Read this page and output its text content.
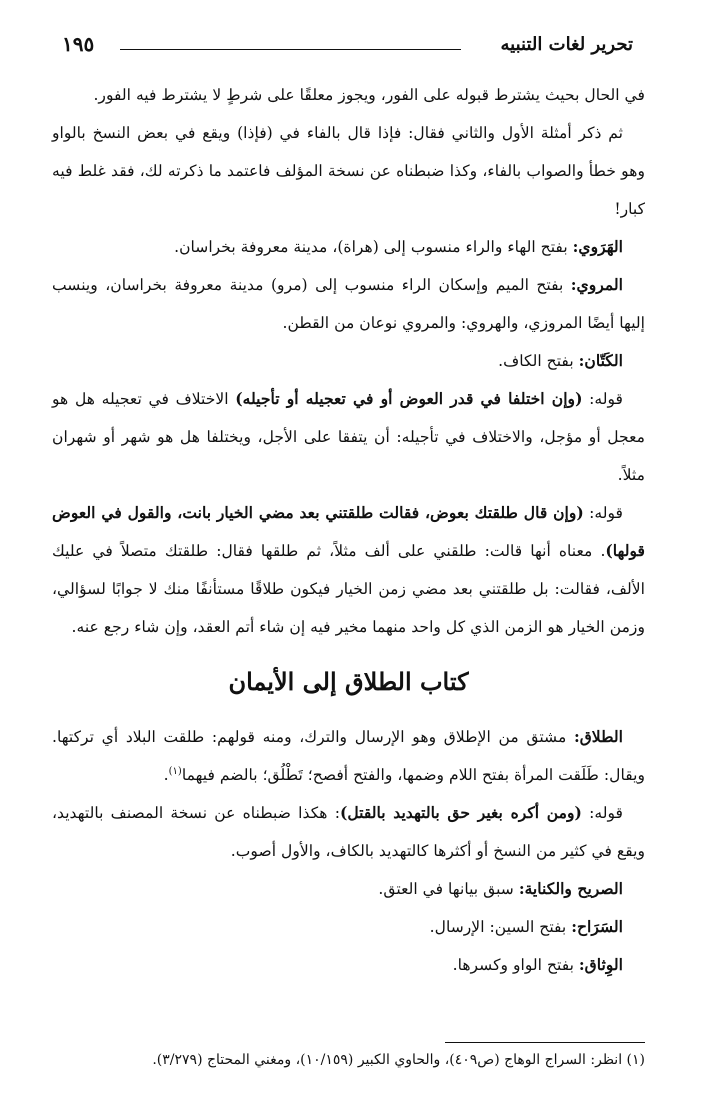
تحرير لغات التنبيه
١٩٥

في الحال بحيث يشترط قبوله على الفور، ويجوز معلقًا على شرطٍ لا يشترط فيه الفور.

ثم ذكر أمثلة الأول والثاني فقال: فإذا قال بالفاء في (فإذا) ويقع في بعض النسخ بالواو وهو خطأ والصواب بالفاء، وكذا ضبطناه عن نسخة المؤلف فاعتمد ما ذكرته لك، فقد غلط فيه كبار!

الهَرَوي: بفتح الهاء والراء منسوب إلى (هراة)، مدينة معروفة بخراسان.

المروي: بفتح الميم وإسكان الراء منسوب إلى (مرو) مدينة معروفة بخراسان، وينسب إليها أيضًا المروزي، والهروي: والمروي نوعان من القطن.

الكَتّان: بفتح الكاف.

قوله: (وإن اختلفا في قدر العوض أو في تعجيله أو تأجيله) الاختلاف في تعجيله هل هو معجل أو مؤجل، والاختلاف في تأجيله: أن يتفقا على الأجل، ويختلفا هل هو شهر أو شهران مثلاً.

قوله: (وإن قال طلقتك بعوض، فقالت طلقتني بعد مضي الخيار بانت، والقول في العوض قولها). معناه أنها قالت: طلقني على ألف مثلاً، ثم طلقها فقال: طلقتك متصلاً في عليك الألف، فقالت: بل طلقتني بعد مضي زمن الخيار فيكون طلاقًا مستأنفًا منك لا جوابًا لسؤالي، وزمن الخيار هو الزمن الذي كل واحد منهما مخير فيه إن شاء أتم العقد، وإن شاء رجع عنه.

كتاب الطلاق إلى الأيمان

الطلاق: مشتق من الإطلاق وهو الإرسال والترك، ومنه قولهم: طلقت البلاد أي تركتها. ويقال: طَلَقت المرأة بفتح اللام وضمها، والفتح أفصح؛ تَطْلُق؛ بالضم فيهما$^{(١)}$.

قوله: (ومن أكره بغير حق بالتهديد بالقتل): هكذا ضبطناه عن نسخة المصنف بالتهديد، ويقع في كثير من النسخ أو أكثرها كالتهديد بالكاف، والأول أصوب.

الصريح والكناية: سبق بيانها في العتق.

السَرَاح: بفتح السين: الإرسال.

الوِثاق: بفتح الواو وكسرها.

(١) انظر: السراج الوهاج (ص٤٠٩)، والحاوي الكبير (١٠/١٥٩)، ومغني المحتاج (٣/٢٧٩).
